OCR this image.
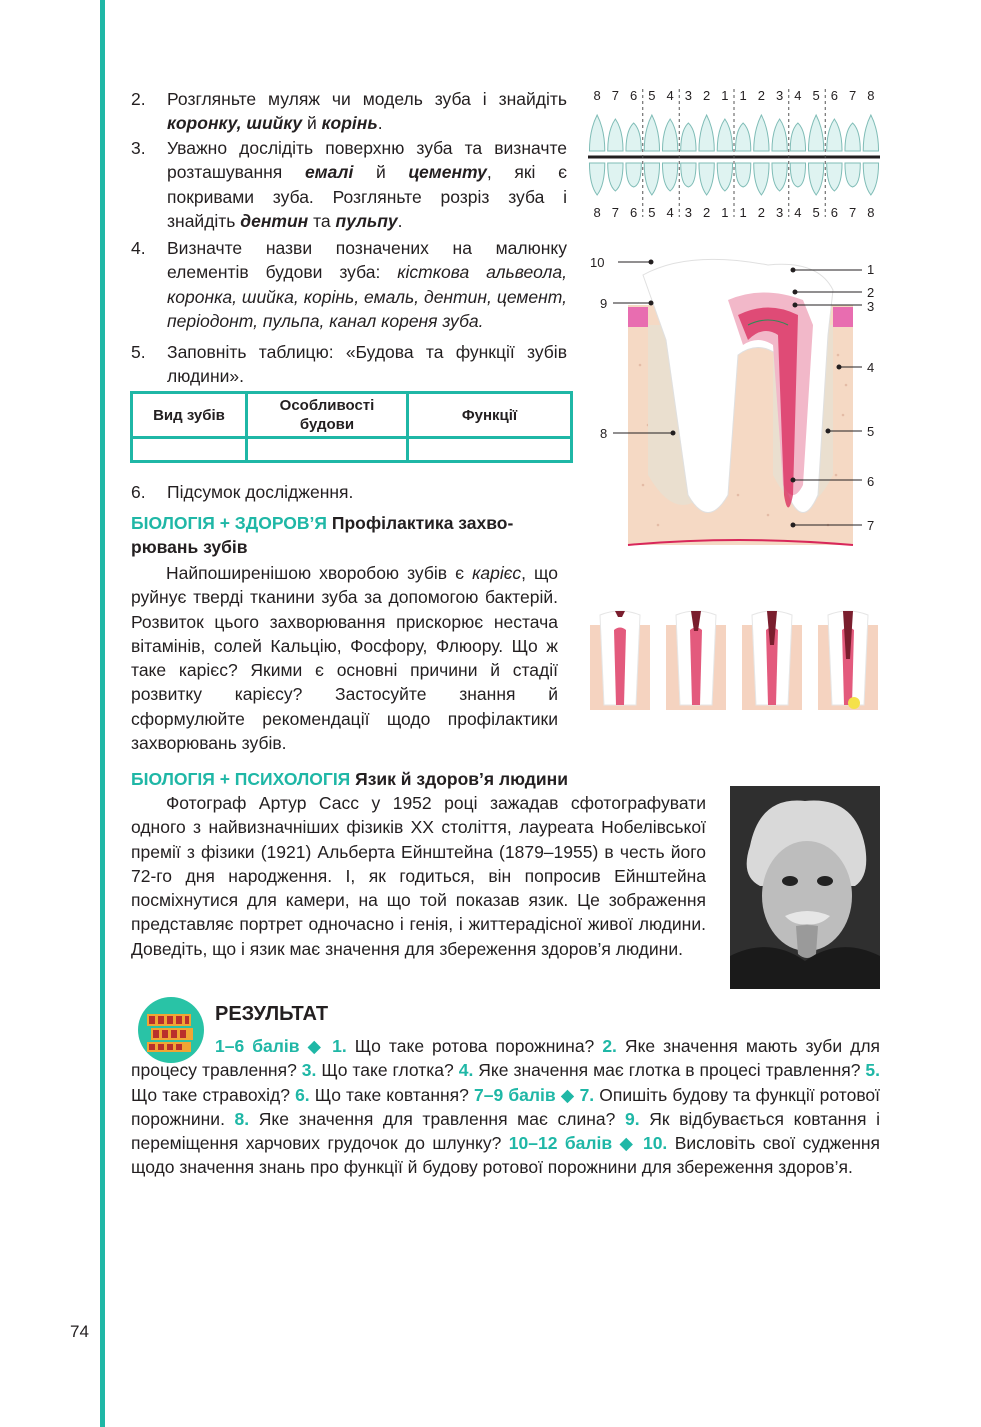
74
2. Розгляньте муляж чи модель зуба і знайдіть коронку, шийку й корінь.
3. Уважно дослідіть поверхню зуба та визначте розташування емалі й цементу, які є покривами зуба. Розгляньте розріз зуба і знайдіть дентин та пульпу.
4. Визначте назви позначених на малюнку елементів будови зуба: кісткова альвеола, коронка, шийка, корінь, емаль, дентин, цемент, періодонт, пульпа, канал кореня зуба.
5. Заповніть таблицю: «Будова та функції зубів людини».
Вид зубів	Особливості будови	Функції

6. Підсумок дослідження.
БІОЛОГІЯ + ЗДОРОВ’Я Профілактика захворювань зубів
Найпоширенішою хворобою зубів є карієс, що руйнує тверді тканини зуба за допомогою бактерій. Розвиток цього захворювання прискорює нестача вітамінів, солей Кальцію, Фосфору, Флюору. Що ж таке карієс? Якими є основні причини й стадії розвитку карієсу? Застосуйте знання й сформулюйте рекомендації щодо профілактики захворювань зубів.
БІОЛОГІЯ + ПСИХОЛОГІЯ Язик й здоров’я людини
Фотограф Артур Сасс у 1952 році зажадав сфотографувати одного з найвизначніших фізиків XX століття, лауреата Нобелівської премії з фізики (1921) Альберта Ейнштейна (1879–1955) в честь його 72-го дня народження. І, як годиться, він попросив Ейнштейна посміхнутися для камери, на що той показав язик. Це зображення представляє портрет одночасно і генія, і життерадісної живої людини. Доведіть, що і язик має значення для збереження здоров’я людини.
РЕЗУЛЬТАТ
1–6 балів ◆ 1. Що таке ротова порожнина? 2. Яке значення мають зуби для процесу травлення? 3. Що таке глотка? 4. Яке значення має глотка в процесі травлення? 5. Що таке стравохід? 6. Що таке ковтання? 7–9 балів ◆ 7. Опишіть будову та функції ротової порожнини. 8. Яке значення для травлення має слина? 9. Як відбувається ковтання і переміщення харчових грудочок до шлунку? 10–12 балів ◆ 10. Висловіть свої судження щодо значення знань про функції й будову ротової порожнини для збереження здоров’я.
8
8
7
7
6
6
5
5
4
4
3
3
2
2
1
1
1
1
2
2
3
3
4
4
5
5
6
6
7
7
8
8
1
2
3
4
5
6
7
8
9
10
